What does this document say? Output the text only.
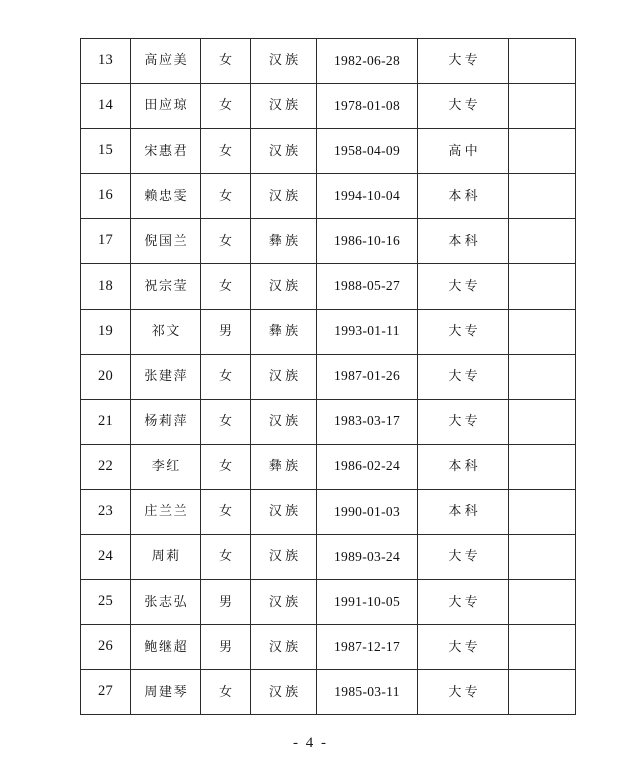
13	高应美	女	汉族	1982-06-28	大专	
14	田应琼	女	汉族	1978-01-08	大专	
15	宋惠君	女	汉族	1958-04-09	高中	
16	赖忠雯	女	汉族	1994-10-04	本科	
17	倪国兰	女	彝族	1986-10-16	本科	
18	祝宗莹	女	汉族	1988-05-27	大专	
19	祁文	男	彝族	1993-01-11	大专	
20	张建萍	女	汉族	1987-01-26	大专	
21	杨莉萍	女	汉族	1983-03-17	大专	
22	李红	女	彝族	1986-02-24	本科	
23	庄兰兰	女	汉族	1990-01-03	本科	
24	周莉	女	汉族	1989-03-24	大专	
25	张志弘	男	汉族	1991-10-05	大专	
26	鲍继超	男	汉族	1987-12-17	大专	
27	周建琴	女	汉族	1985-03-11	大专	
- 4 -
